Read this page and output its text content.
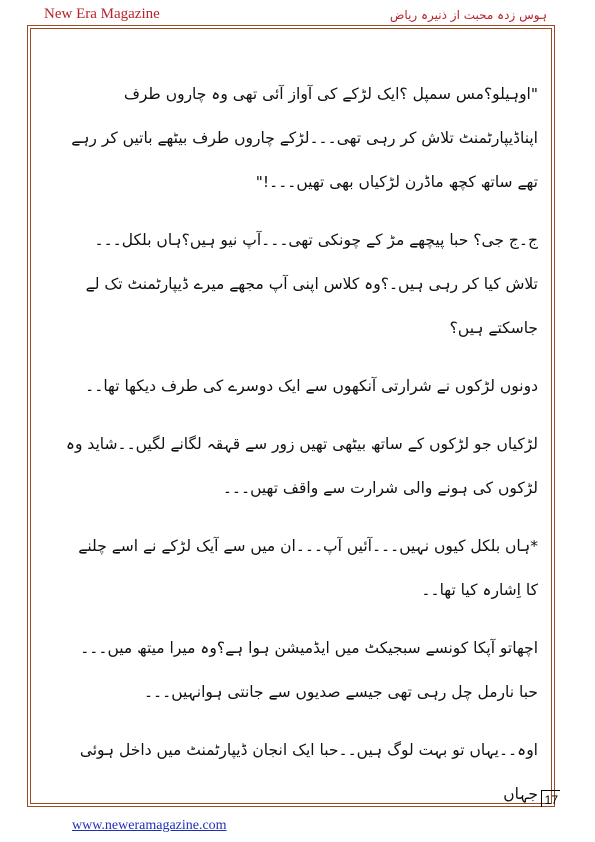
New Era Magazine	ہوس زدہ محبت از ذنیرہ ریاض

"اوہیلو؟مس سمپل ؟ایک لڑکے کی آواز آئی تھی وہ چاروں طرف اپناڈیپارٹمنٹ تلاش کر رہی تھی۔۔۔لڑکے چاروں طرف بیٹھے باتیں کر رہے تھے ساتھ کچھ ماڈرن لڑکیاں بھی تھیں۔۔۔!"

ج۔ج جی؟ حبا پیچھے مڑ کے چونکی تھی۔۔۔آپ نیو ہیں؟ہاں بلکل۔۔۔ تلاش کیا کر رہی ہیں۔؟وہ کلاس اپنی آپ مجھے میرے ڈیپارٹمنٹ تک لے جاسکتے ہیں؟

دونوں لڑکوں نے شرارتی آنکھوں سے ایک دوسرے کی طرف دیکھا تھا۔۔

لڑکیاں جو لڑکوں کے ساتھ بیٹھی تھیں زور سے قہقہ لگانے لگیں۔۔شاید وہ لڑکوں کی ہونے والی شرارت سے واقف تھیں۔۔۔

*ہاں بلکل کیوں نہیں۔۔۔آئیں آپ۔۔۔ان میں سے آیک لڑکے نے اسے چلنے کا اِشارہ کیا تھا۔۔

اچھاتو آپکا کونسے سبجیکٹ میں ایڈمیشن ہوا ہے؟وہ میرا میتھ میں۔۔۔حبا نارمل چل رہی تھی جیسے صدیوں سے جانتی ہوانہیں۔۔۔

اوہ۔۔یہاں تو بہت لوگ ہیں۔۔حبا ایک انجان ڈیپارٹمنٹ میں داخل ہوئی جہاں 17
www.neweramagazine.com
